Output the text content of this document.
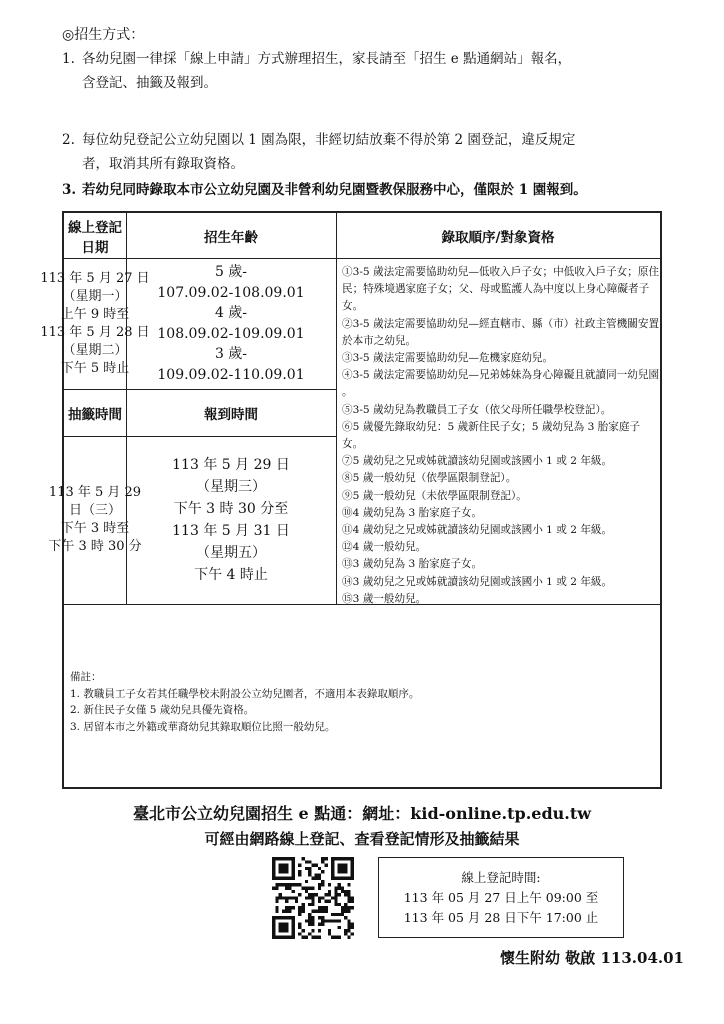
◎招生方式：
1. 各幼兒園一律採「線上申請」方式辦理招生，家長請至「招生 e 點通網站」報名，
含登記、抽籤及報到。
2. 每位幼兒登記公立幼兒園以 1 園為限，非經切結放棄不得於第 2 園登記，違反規定
者，取消其所有錄取資格。
3. 若幼兒同時錄取本市公立幼兒園及非營利幼兒園暨教保服務中心，僅限於 1 園報到。
線上登記日期
招生年齡	錄取順序/對象資格
113 年 5 月 27 日
（星期一）
上午 9 時至
113 年 5 月 28 日
（星期二）
下午 5 時止
5 歲-
107.09.02-108.09.01
4 歲-
108.09.02-109.09.01
3 歲-
109.09.02-110.09.01
抽籤時間	報到時間
113 年 5 月 29
日（三）
下午 3 時至
下午 3 時 30 分
113 年 5 月 29 日
（星期三）
下午 3 時 30 分至
113 年 5 月 31 日
（星期五）
下午 4 時止
①3-5 歲法定需要協助幼兒—低收入戶子女；中低收入戶子女；原住民；特殊境遇家庭子女；父、母或監護人為中度以上身心障礙者子女。
②3-5 歲法定需要協助幼兒—經直轄市、縣（市）社政主管機關安置於本市之幼兒。
③3-5 歲法定需要協助幼兒—危機家庭幼兒。
④3-5 歲法定需要協助幼兒—兄弟姊妹為身心障礙且就讀同一幼兒園 。
⑤3-5 歲幼兒為教職員工子女（依父母所任職學校登記）。
⑥5 歲優先錄取幼兒：5 歲新住民子女；5 歲幼兒為 3 胎家庭子女。
⑦5 歲幼兒之兄或姊就讀該幼兒園或該國小 1 或 2 年級。
⑧5 歲一般幼兒（依學區限制登記）。
⑨5 歲一般幼兒（未依學區限制登記）。
⑩4 歲幼兒為 3 胎家庭子女。
⑪4 歲幼兒之兄或姊就讀該幼兒園或該國小 1 或 2 年級。
⑫4 歲一般幼兒。
⑬3 歲幼兒為 3 胎家庭子女。
⑭3 歲幼兒之兄或姊就讀該幼兒園或該國小 1 或 2 年級。
⑮3 歲一般幼兒。
備註：
1. 教職員工子女若其任職學校未附設公立幼兒園者，不適用本表錄取順序。
2. 新住民子女僅 5 歲幼兒具優先資格。
3. 居留本市之外籍或華裔幼兒其錄取順位比照一般幼兒。
臺北市公立幼兒園招生 e 點通：網址：kid-online.tp.edu.tw
可經由網路線上登記、查看登記情形及抽籤結果
線上登記時間:
113 年 05 月 27 日上午 09:00 至
113 年 05 月 28 日下午 17:00 止
懷生附幼 敬啟 113.04.01
